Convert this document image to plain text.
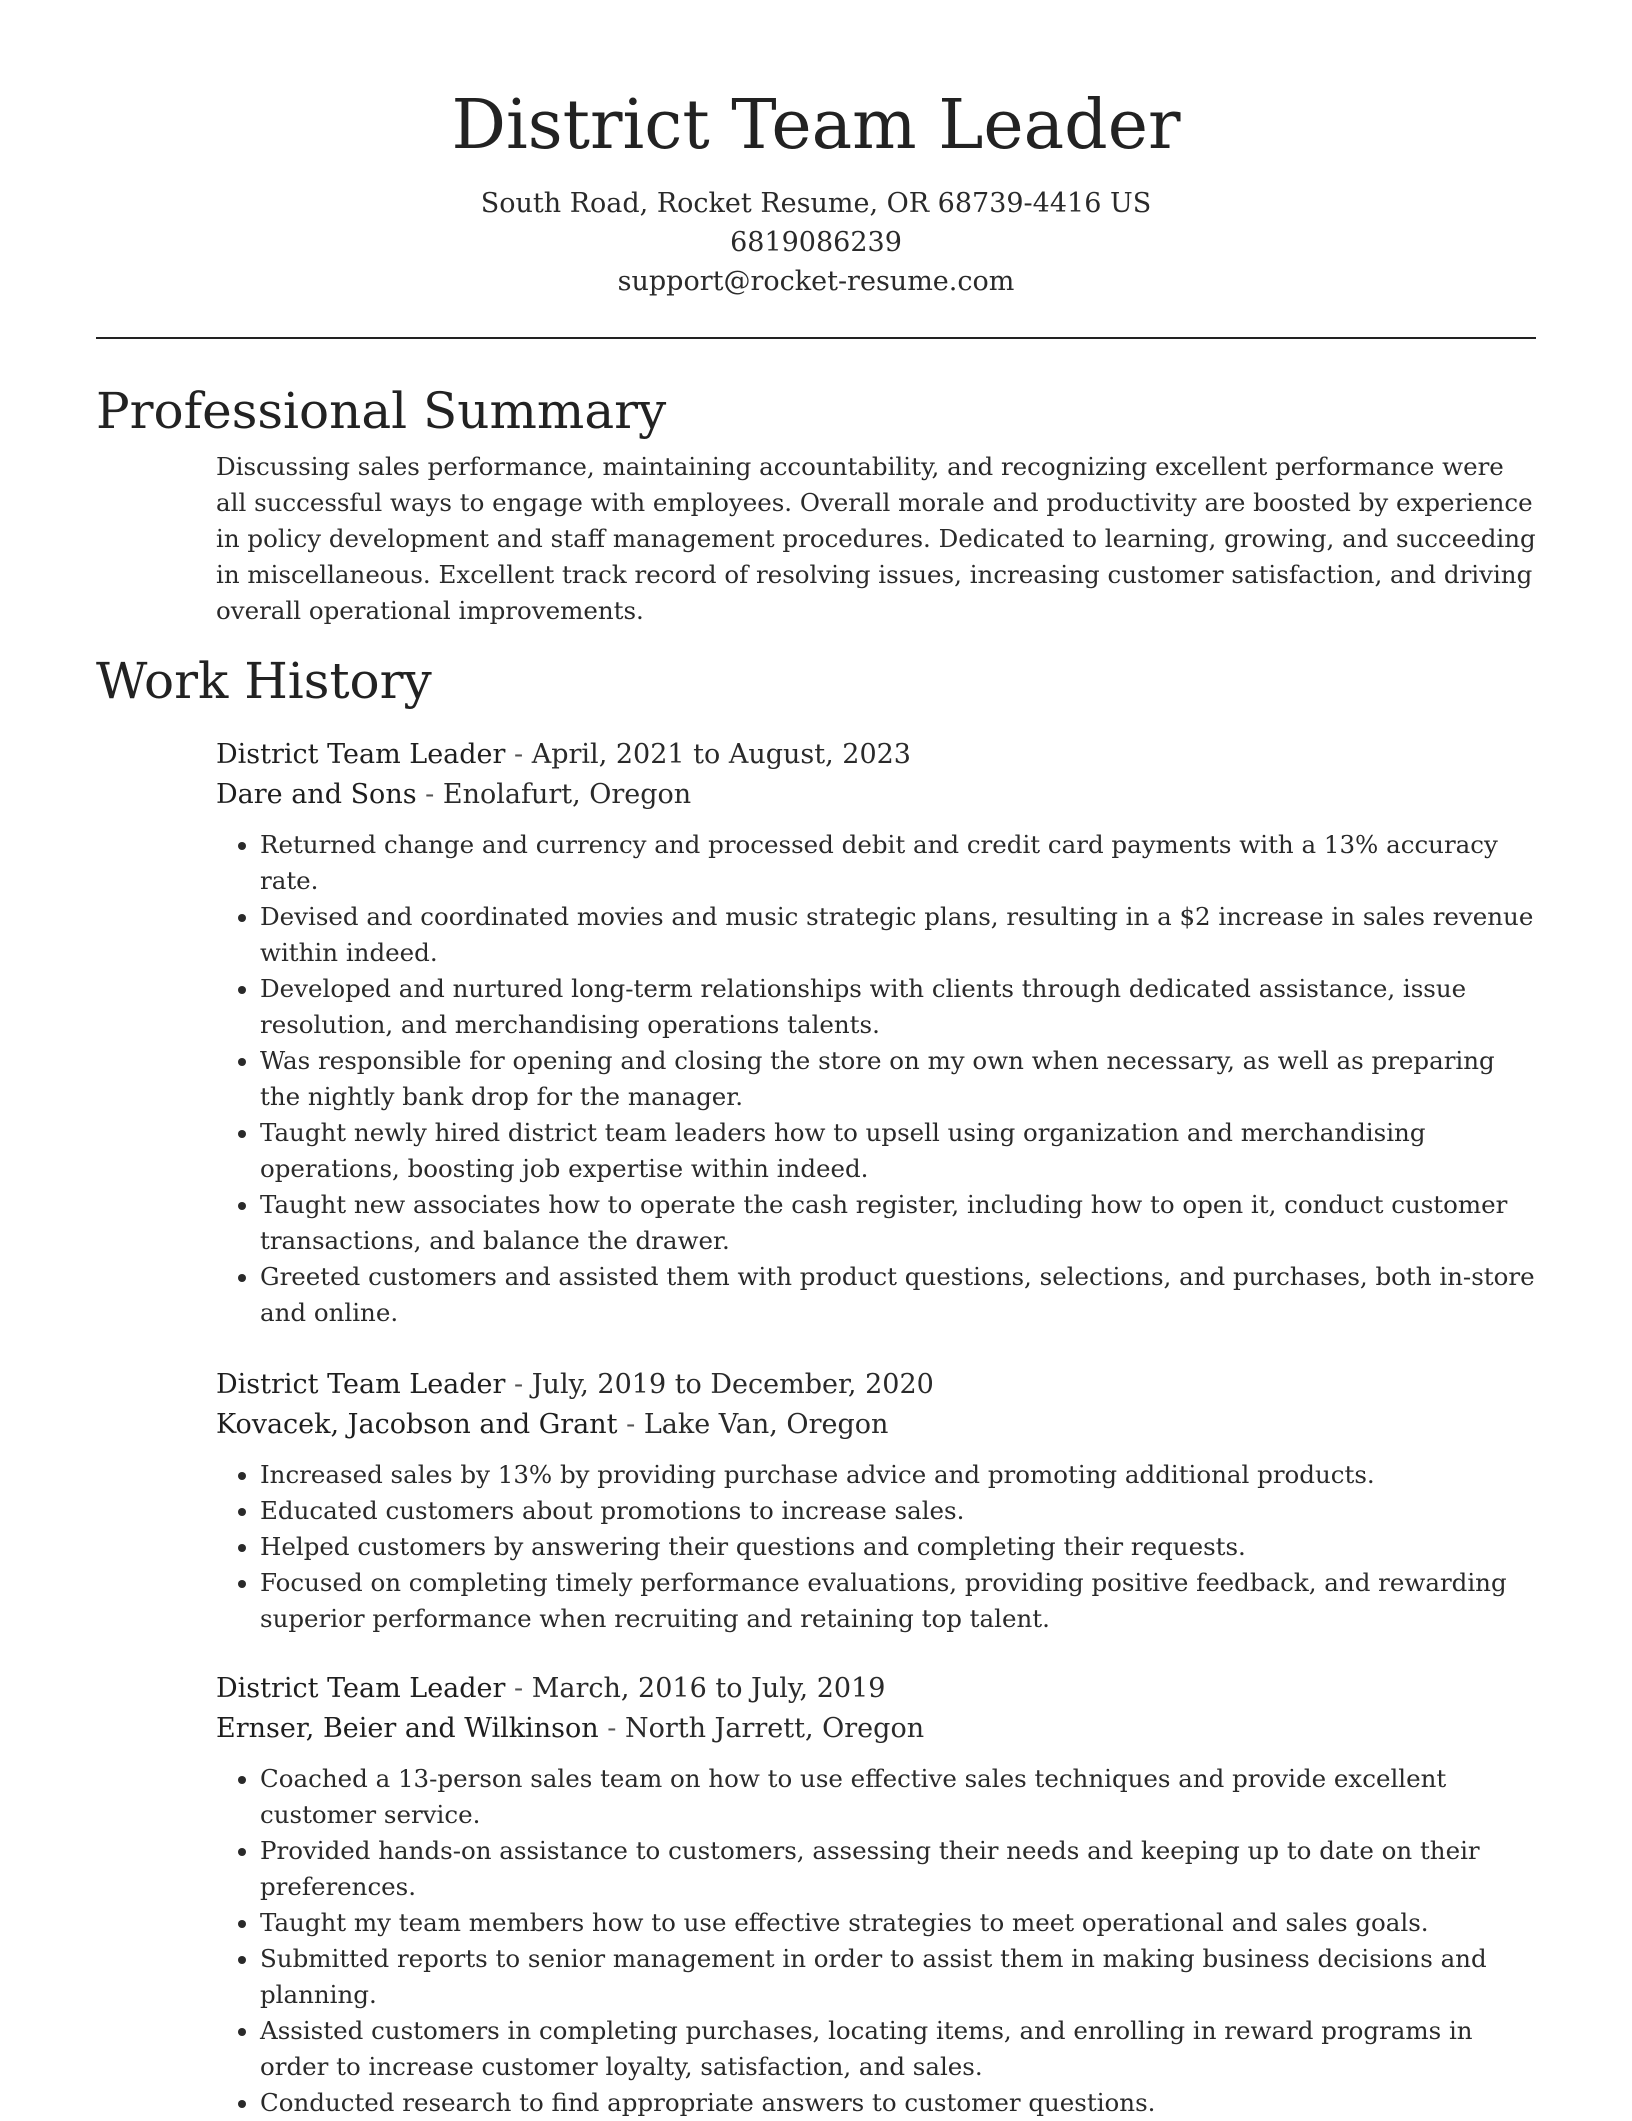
District Team Leader
South Road, Rocket Resume, OR 68739-4416 US
6819086239
support@rocket-resume.com
Professional Summary

Discussing sales performance, maintaining accountability, and recognizing excellent performance were all successful ways to engage with employees. Overall morale and productivity are boosted by experience in policy development and staff management procedures. Dedicated to learning, growing, and succeeding in miscellaneous. Excellent track record of resolving issues, increasing customer satisfaction, and driving overall operational improvements.

Work History
District Team Leader - April, 2021 to August, 2023
Dare and Sons - Enolafurt, Oregon
• Returned change and currency and processed debit and credit card payments with a 13% accuracy rate.
• Devised and coordinated movies and music strategic plans, resulting in a $2 increase in sales revenue within indeed.
• Developed and nurtured long-term relationships with clients through dedicated assistance, issue resolution, and merchandising operations talents.
• Was responsible for opening and closing the store on my own when necessary, as well as preparing the nightly bank drop for the manager.
• Taught newly hired district team leaders how to upsell using organization and merchandising operations, boosting job expertise within indeed.
• Taught new associates how to operate the cash register, including how to open it, conduct customer transactions, and balance the drawer.
• Greeted customers and assisted them with product questions, selections, and purchases, both in-store and online.
District Team Leader - July, 2019 to December, 2020
Kovacek, Jacobson and Grant - Lake Van, Oregon
• Increased sales by 13% by providing purchase advice and promoting additional products.
• Educated customers about promotions to increase sales.
• Helped customers by answering their questions and completing their requests.
• Focused on completing timely performance evaluations, providing positive feedback, and rewarding superior performance when recruiting and retaining top talent.
District Team Leader - March, 2016 to July, 2019
Ernser, Beier and Wilkinson - North Jarrett, Oregon
• Coached a 13-person sales team on how to use effective sales techniques and provide excellent customer service.
• Provided hands-on assistance to customers, assessing their needs and keeping up to date on their preferences.
• Taught my team members how to use effective strategies to meet operational and sales goals.
• Submitted reports to senior management in order to assist them in making business decisions and planning.
• Assisted customers in completing purchases, locating items, and enrolling in reward programs in order to increase customer loyalty, satisfaction, and sales.
• Conducted research to find appropriate answers to customer questions.
